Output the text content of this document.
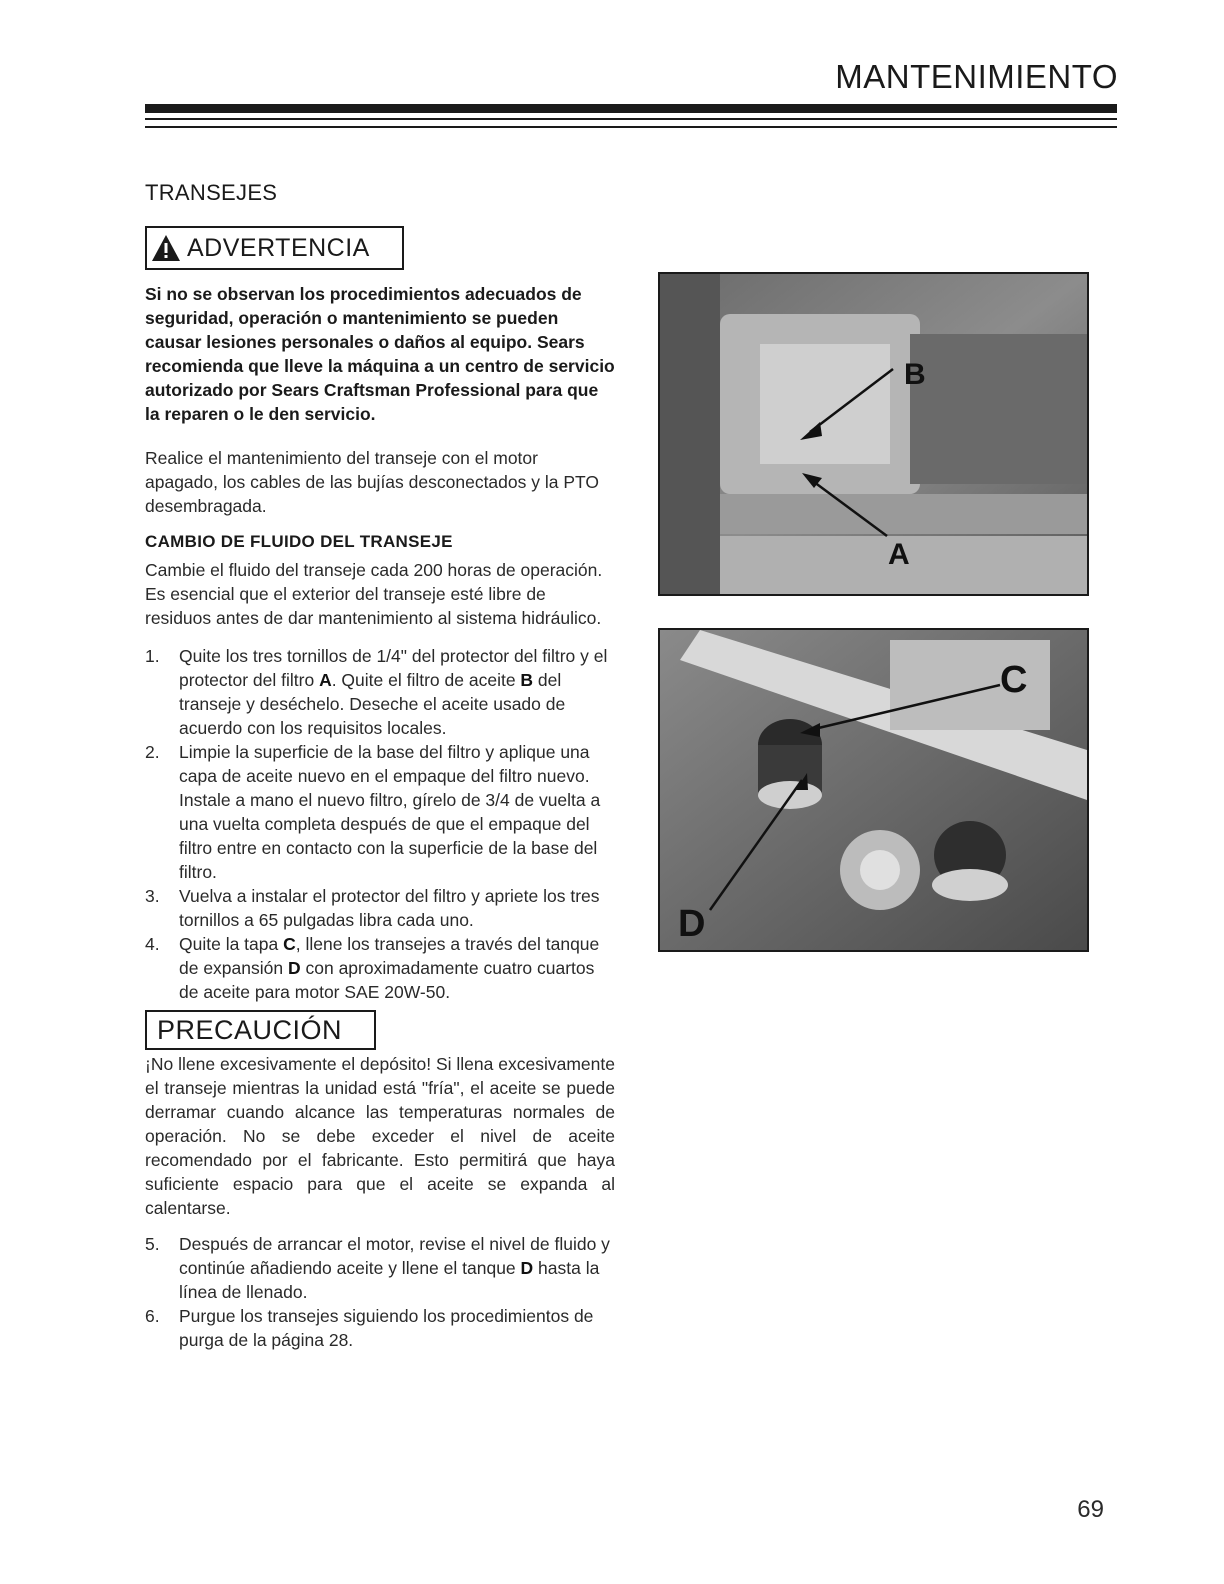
MANTENIMIENTO
TRANSEJES
ADVERTENCIA

Si no se observan los procedimientos adecuados de seguridad, operación o mantenimiento se pueden causar lesiones personales o daños al equipo. Sears recomienda que lleve la máquina a un centro de servicio autorizado por Sears Craftsman Professional para que la reparen o le den servicio.

Realice el mantenimiento del transeje con el motor apagado, los cables de las bujías desconectados y la PTO desembragada.

CAMBIO DE FLUIDO DEL TRANSEJE

Cambie el fluido del transeje cada 200 horas de operación. Es esencial que el exterior del transeje esté libre de residuos antes de dar mantenimiento al sistema hidráulico.

1.	Quite los tres tornillos de 1/4" del protector del filtro y el protector del filtro A. Quite el filtro de aceite B del transeje y deséchelo. Deseche el aceite usado de acuerdo con los requisitos locales.
2.	Limpie la superficie de la base del filtro y aplique una capa de aceite nuevo en el empaque del filtro nuevo. Instale a mano el nuevo filtro, gírelo de 3/4 de vuelta a una vuelta completa después de que el empaque del filtro entre en contacto con la superficie de la base del filtro.
3.	Vuelva a instalar el protector del filtro y apriete los tres tornillos a 65 pulgadas libra cada uno.
4.	Quite la tapa C, llene los transejes a través del tanque de expansión D con aproximadamente cuatro cuartos de aceite para motor SAE 20W-50.
PRECAUCIÓN

¡No llene excesivamente el depósito! Si llena excesivamente el transeje mientras la unidad está "fría", el aceite se puede derramar cuando alcance las temperaturas normales de operación. No se debe exceder el nivel de aceite recomendado por el fabricante. Esto permitirá que haya suficiente espacio para que el aceite se expanda al calentarse.

5.	Después de arrancar el motor, revise el nivel de fluido y continúe añadiendo aceite y llene el tanque D hasta la línea de llenado.
6.	Purgue los transejes siguiendo los procedimientos de purga de la página 28.
B
A
C
D
69
